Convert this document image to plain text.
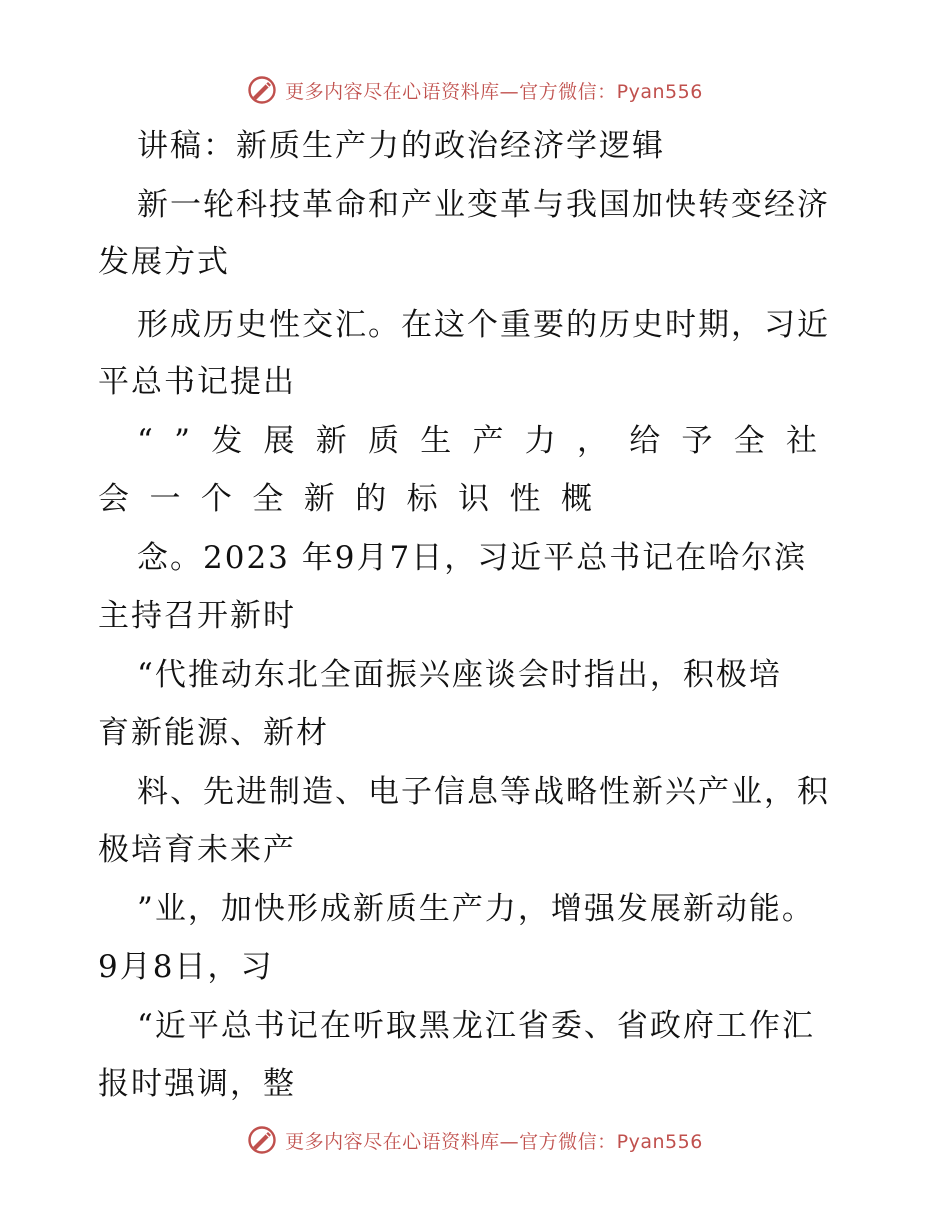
更多内容尽在心语资料库—官方微信：Pyan556
讲稿：新质生产力的政治经济学逻辑
新一轮科技革命和产业变革与我国加快转变经济
发展方式
形成历史性交汇。在这个重要的历史时期，习近
平总书记提出
“ ” 发 展 新 质 生 产 力 ， 给 予 全 社
会 一 个 全 新 的 标 识 性 概
念。2023 年9月7日，习近平总书记在哈尔滨
主持召开新时
“代推动东北全面振兴座谈会时指出，积极培
育新能源、新材
料、先进制造、电子信息等战略性新兴产业，积
极培育未来产
”业，加快形成新质生产力，增强发展新动能。
9月8日，习
“近平总书记在听取黑龙江省委、省政府工作汇
报时强调，整
更多内容尽在心语资料库—官方微信：Pyan556
